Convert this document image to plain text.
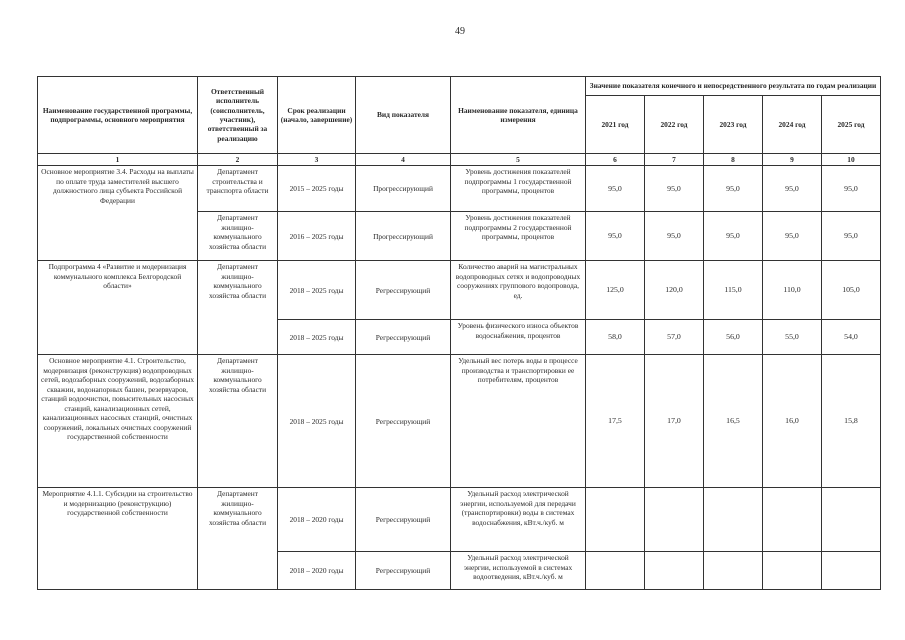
49
Наименование государственной программы, подпрограммы, основного мероприятия	Ответственный исполнитель (соисполнитель, участник), ответственный за реализацию	Срок реализации (начало, завершение)	Вид показателя	Наименование показателя, единица измерения	Значение показателя конечного и непосредственного результата по годам реализации				
					2021 год	2022 год	2023 год	2024 год	2025 год
1	2	3	4	5	6	7	8	9	10
Основное мероприятие 3.4. Расходы на выплаты по оплате труда заместителей высшего должностного лица субъекта Российской Федерации	Департамент строительства и транспорта области	2015 – 2025 годы	Прогрессирующий	Уровень достижения показателей подпрограммы 1 государственной программы, процентов	95,0	95,0	95,0	95,0	95,0
	Департамент жилищно-коммунального хозяйства области	2016 – 2025 годы	Прогрессирующий	Уровень достижения показателей подпрограммы 2 государственной программы, процентов	95,0	95,0	95,0	95,0	95,0
Подпрограмма 4 «Развитие и модернизация коммунального комплекса Белгородской области»	Департамент жилищно-коммунального хозяйства области	2018 – 2025 годы	Регрессирующий	Количество аварий на магистральных водопроводных сетях и водопроводных сооружениях группового водопровода, ед.	125,0	120,0	115,0	110,0	105,0
		2018 – 2025 годы	Регрессирующий	Уровень физического износа объектов водоснабжения, процентов	58,0	57,0	56,0	55,0	54,0
Основное мероприятие 4.1. Строительство, модернизация (реконструкция) водопроводных сетей, водозаборных сооружений, водозаборных скважин, водонапорных башен, резервуаров, станций водоочистки, повысительных насосных станций, канализационных сетей, канализационных насосных станций, очистных сооружений, локальных очистных сооружений государственной собственности	Департамент жилищно-коммунального хозяйства области	2018 – 2025 годы	Регрессирующий	Удельный вес потерь воды в процессе производства и транспортировки ее потребителям, процентов	17,5	17,0	16,5	16,0	15,8
Мероприятие 4.1.1. Субсидии на строительство и модернизацию (реконструкцию) государственной собственности	Департамент жилищно-коммунального хозяйства области	2018 – 2020 годы	Регрессирующий	Удельный расход электрической энергии, используемой для передачи (транспортировки) воды в системах водоснабжения, кВт.ч./куб. м					
		2018 – 2020 годы	Регрессирующий	Удельный расход электрической энергии, используемой в системах водоотведения, кВт.ч./куб. м					
